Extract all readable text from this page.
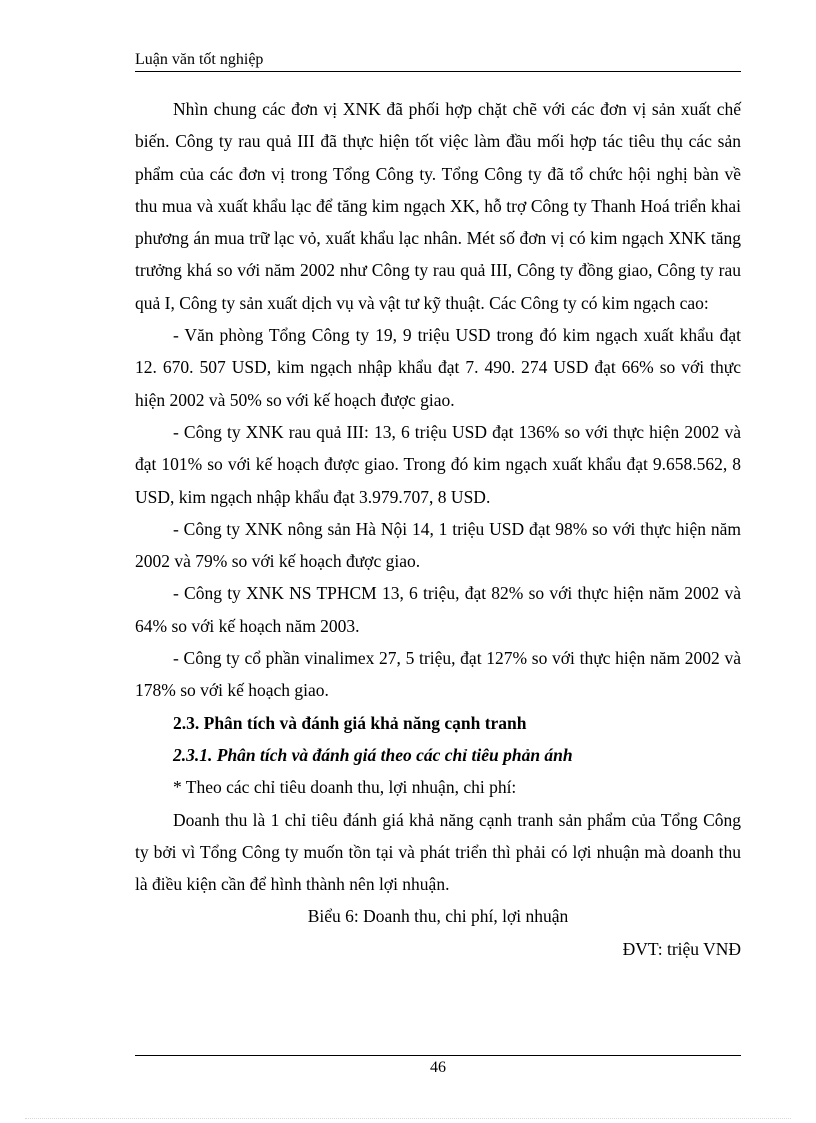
Luận văn tốt nghiệp

Nhìn chung các đơn vị XNK đã phối hợp chặt chẽ với các đơn vị sản xuất chế biến. Công ty rau quả III đã thực hiện tốt việc làm đầu mối hợp tác tiêu thụ các sản phẩm của các đơn vị trong Tổng Công ty. Tổng Công ty đã tổ chức hội nghị bàn về thu mua và xuất khẩu lạc để tăng kim ngạch XK, hỗ trợ Công ty Thanh Hoá triển khai phương án mua trữ lạc vỏ, xuất khẩu lạc nhân. Mét số đơn vị có kim ngạch XNK tăng trưởng khá so với năm 2002 như Công ty rau quả III, Công ty đồng giao, Công ty rau quả I, Công ty sản xuất dịch vụ và vật tư kỹ thuật. Các Công ty có kim ngạch cao:

- Văn phòng Tổng Công ty 19, 9 triệu USD trong đó kim ngạch xuất khẩu đạt 12. 670. 507 USD, kim ngạch nhập khẩu đạt 7. 490. 274 USD đạt 66% so với thực hiện 2002 và 50% so với kế hoạch được giao.

- Công ty XNK rau quả III: 13, 6 triệu USD đạt 136% so với thực hiện 2002 và đạt 101% so với kế hoạch được giao. Trong đó kim ngạch xuất khẩu đạt 9.658.562, 8 USD, kim ngạch nhập khẩu đạt 3.979.707, 8 USD.

- Công ty XNK nông sản Hà Nội 14, 1 triệu USD đạt 98% so với thực hiện năm 2002 và 79% so với kế hoạch được giao.

- Công ty XNK NS TPHCM 13, 6 triệu, đạt 82% so với thực hiện năm 2002 và 64% so với kế hoạch năm 2003.

- Công ty cổ phần vinalimex 27, 5 triệu, đạt 127% so với thực hiện năm 2002 và 178% so với kế hoạch giao.

2.3. Phân tích và đánh giá khả năng cạnh tranh

2.3.1. Phân tích và đánh giá theo các chỉ tiêu phản ánh

* Theo các chỉ tiêu doanh thu, lợi nhuận, chi phí:

Doanh thu là 1 chỉ tiêu đánh giá khả năng cạnh tranh sản phẩm của Tổng Công ty bởi vì Tổng Công ty muốn tồn tại và phát triển thì phải có lợi nhuận mà doanh thu là điều kiện cần để hình thành nên lợi nhuận.

Biểu 6: Doanh thu, chi phí, lợi nhuận

ĐVT: triệu VNĐ

46
